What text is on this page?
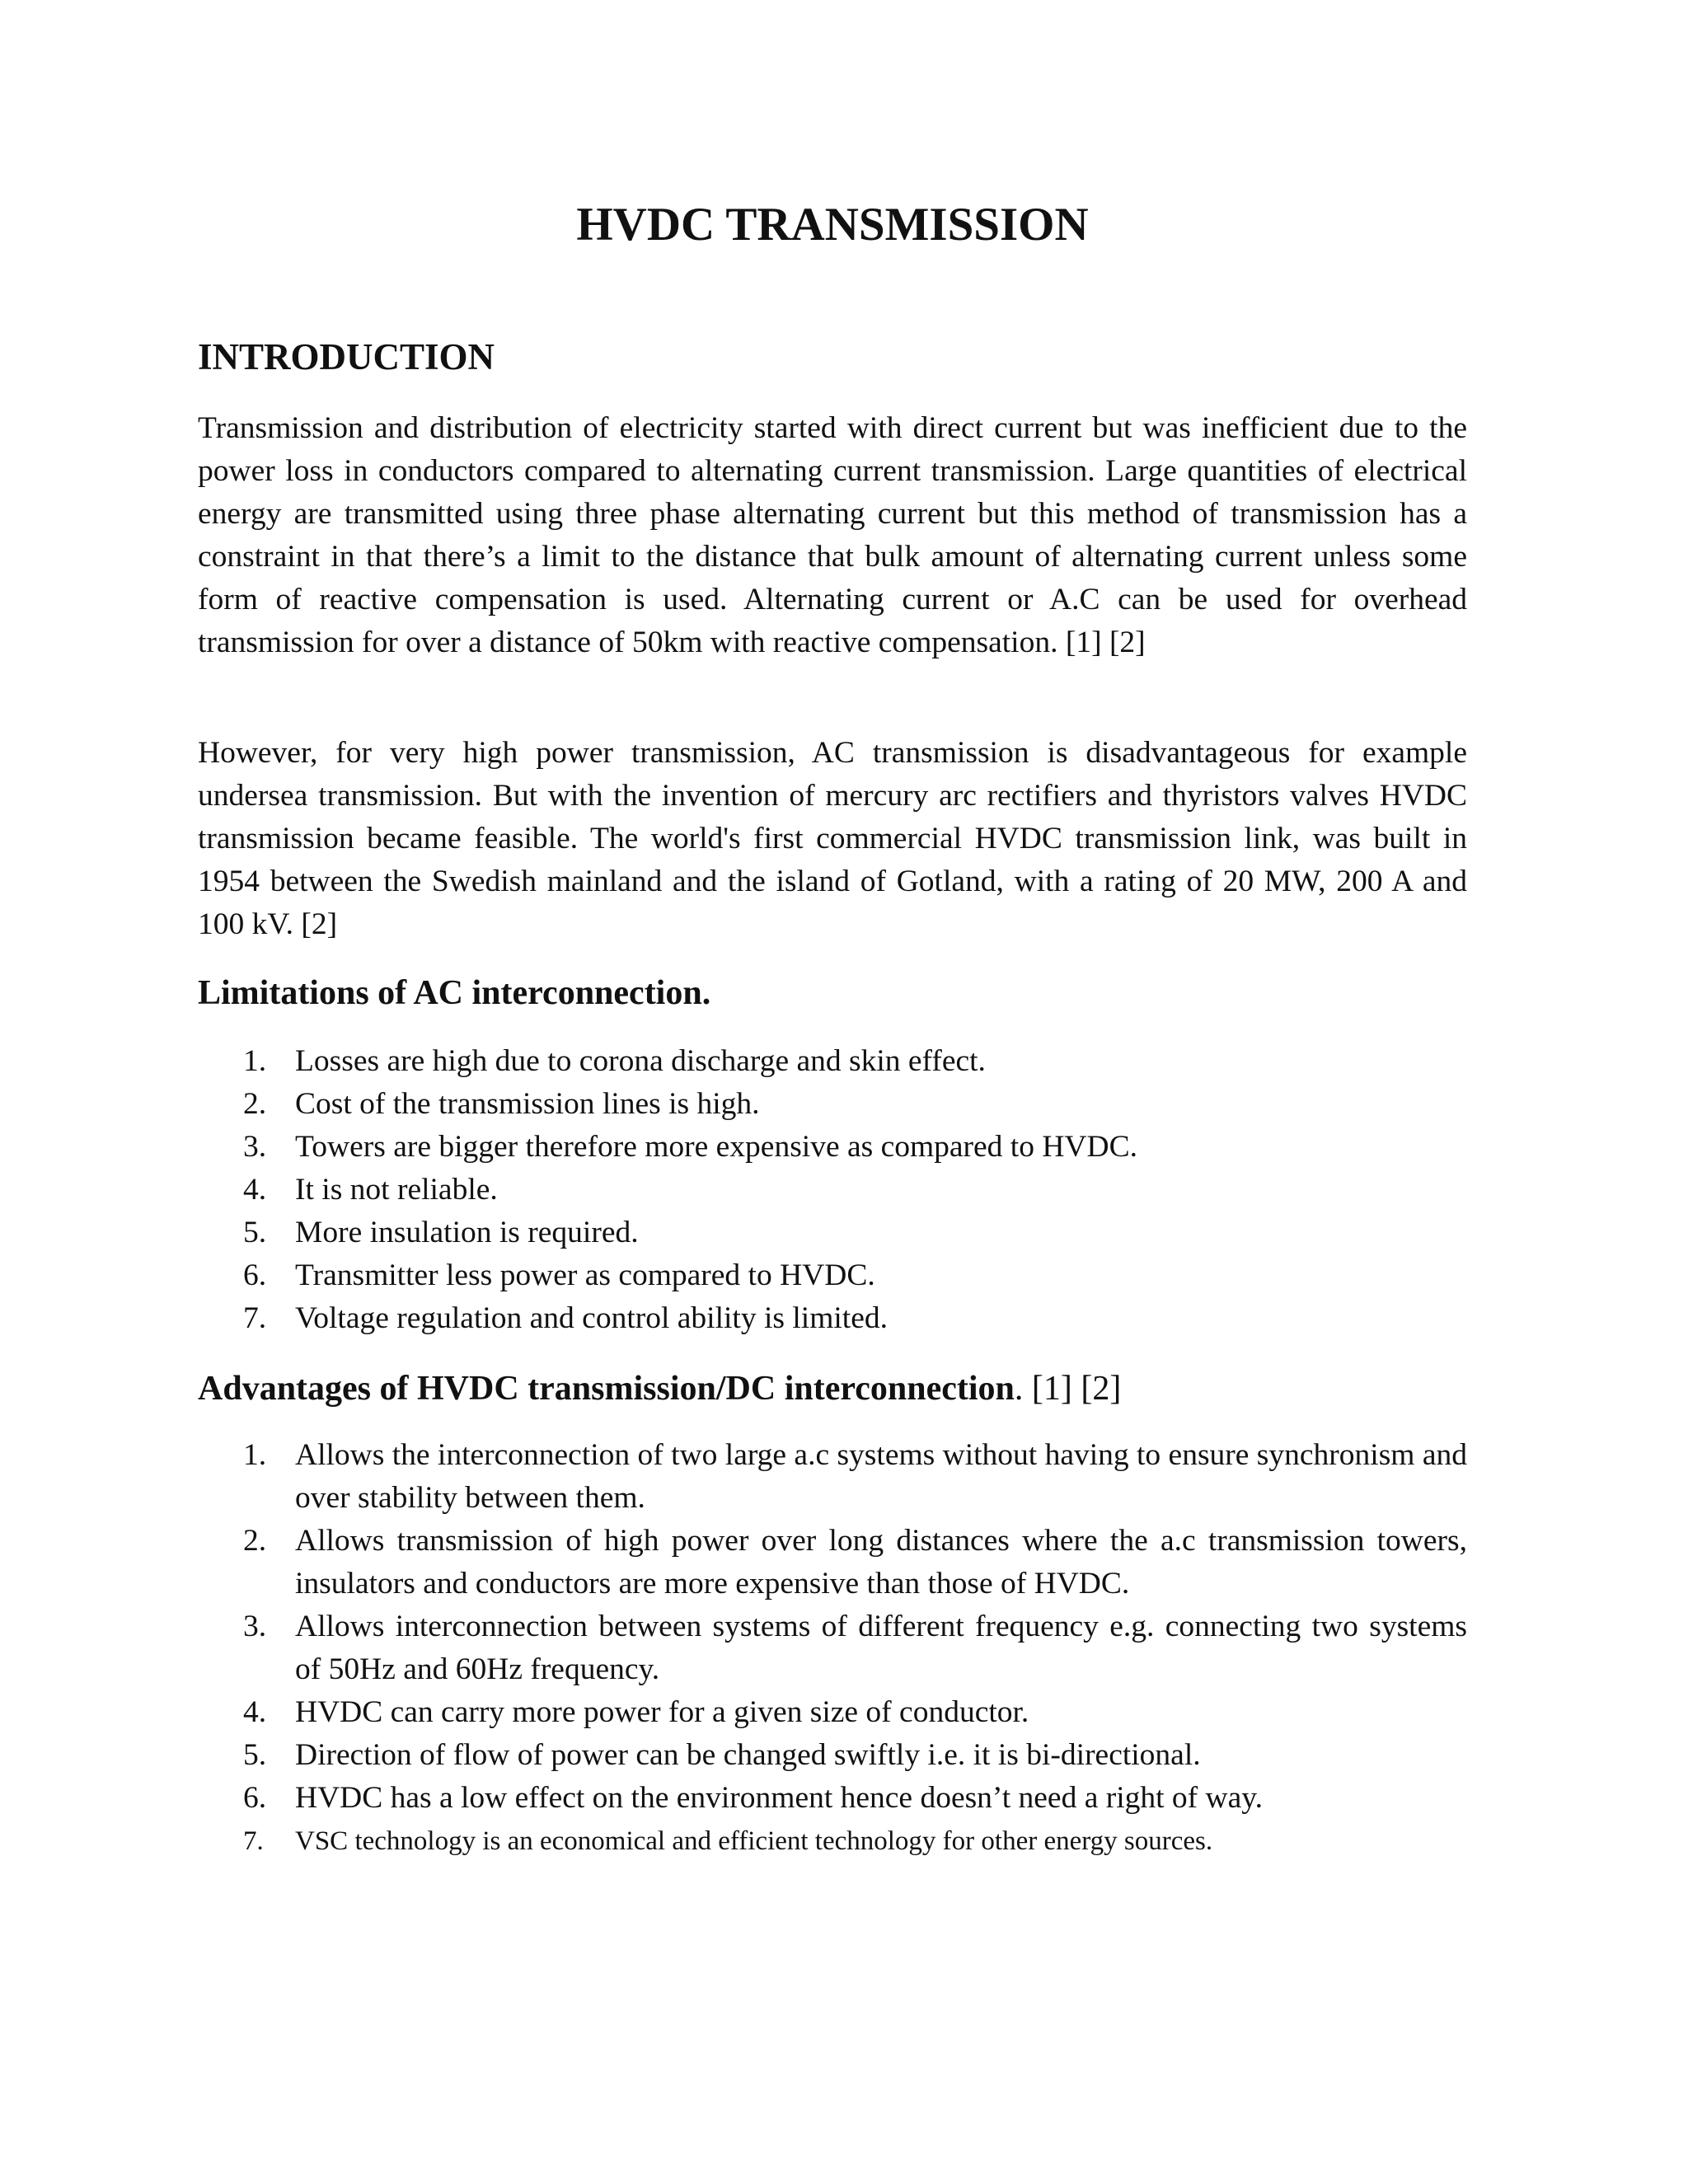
HVDC TRANSMISSION
INTRODUCTION

Transmission and distribution of electricity started with direct current but was inefficient due to the power loss in conductors compared to alternating current transmission. Large quantities of electrical energy are transmitted using three phase alternating current but this method of transmission has a constraint in that there’s a limit to the distance that bulk amount of alternating current unless some form of reactive compensation is used. Alternating current or A.C can be used for overhead transmission for over a distance of 50km with reactive compensation. [1] [2]

However, for very high power transmission, AC transmission is disadvantageous for example undersea transmission. But with the invention of mercury arc rectifiers and thyristors valves HVDC transmission became feasible. The world's first commercial HVDC transmission link, was built in 1954 between the Swedish mainland and the island of Gotland, with a rating of 20 MW, 200 A and 100 kV. [2]

Limitations of AC interconnection.
1. Losses are high due to corona discharge and skin effect.
2. Cost of the transmission lines is high.
3. Towers are bigger therefore more expensive as compared to HVDC.
4. It is not reliable.
5. More insulation is required.
6. Transmitter less power as compared to HVDC.
7. Voltage regulation and control ability is limited.
Advantages of HVDC transmission/DC interconnection. [1] [2]
1. Allows the interconnection of two large a.c systems without having to ensure synchronism and over stability between them.
2. Allows transmission of high power over long distances where the a.c transmission towers, insulators and conductors are more expensive than those of HVDC.
3. Allows interconnection between systems of different frequency e.g. connecting two systems of 50Hz and 60Hz frequency.
4. HVDC can carry more power for a given size of conductor.
5. Direction of flow of power can be changed swiftly i.e. it is bi-directional.
6. HVDC has a low effect on the environment hence doesn’t need a right of way.
7. VSC technology is an economical and efficient technology for other energy sources.
